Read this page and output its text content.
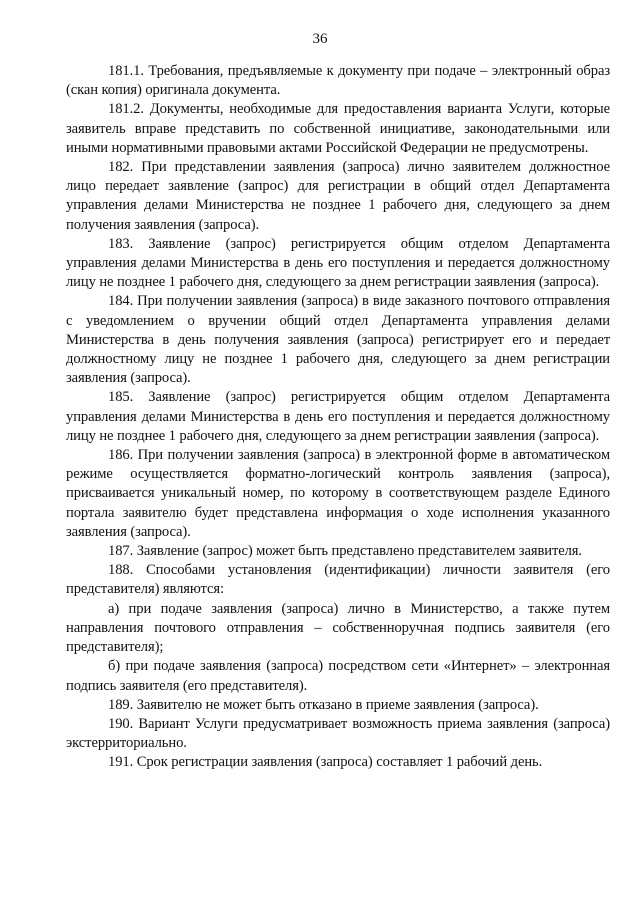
36

181.1. Требования, предъявляемые к документу при подаче – электронный образ (скан копия) оригинала документа.

181.2. Документы, необходимые для предоставления варианта Услуги, которые заявитель вправе представить по собственной инициативе, законодательными или иными нормативными правовыми актами Российской Федерации не предусмотрены.

182. При представлении заявления (запроса) лично заявителем должностное лицо передает заявление (запрос) для регистрации в общий отдел Департамента управления делами Министерства не позднее 1 рабочего дня, следующего за днем получения заявления (запроса).

183. Заявление (запрос) регистрируется общим отделом Департамента управления делами Министерства в день его поступления и передается должностному лицу не позднее 1 рабочего дня, следующего за днем регистрации заявления (запроса).

184. При получении заявления (запроса) в виде заказного почтового отправления с уведомлением о вручении общий отдел Департамента управления делами Министерства в день получения заявления (запроса) регистрирует его и передает должностному лицу не позднее 1 рабочего дня, следующего за днем регистрации заявления (запроса).

185. Заявление (запрос) регистрируется общим отделом Департамента управления делами Министерства в день его поступления и передается должностному лицу не позднее 1 рабочего дня, следующего за днем регистрации заявления (запроса).

186. При получении заявления (запроса) в электронной форме в автоматическом режиме осуществляется форматно-логический контроль заявления (запроса), присваивается уникальный номер, по которому в соответствующем разделе Единого портала заявителю будет представлена информация о ходе исполнения указанного заявления (запроса).

187. Заявление (запрос) может быть представлено представителем заявителя.

188. Способами установления (идентификации) личности заявителя (его представителя) являются:

а) при подаче заявления (запроса) лично в Министерство, а также путем направления почтового отправления – собственноручная подпись заявителя (его представителя);

б) при подаче заявления (запроса) посредством сети «Интернет» – электронная подпись заявителя (его представителя).

189. Заявителю не может быть отказано в приеме заявления (запроса).

190. Вариант Услуги предусматривает возможность приема заявления (запроса) экстерриториально.

191. Срок регистрации заявления (запроса) составляет 1 рабочий день.
